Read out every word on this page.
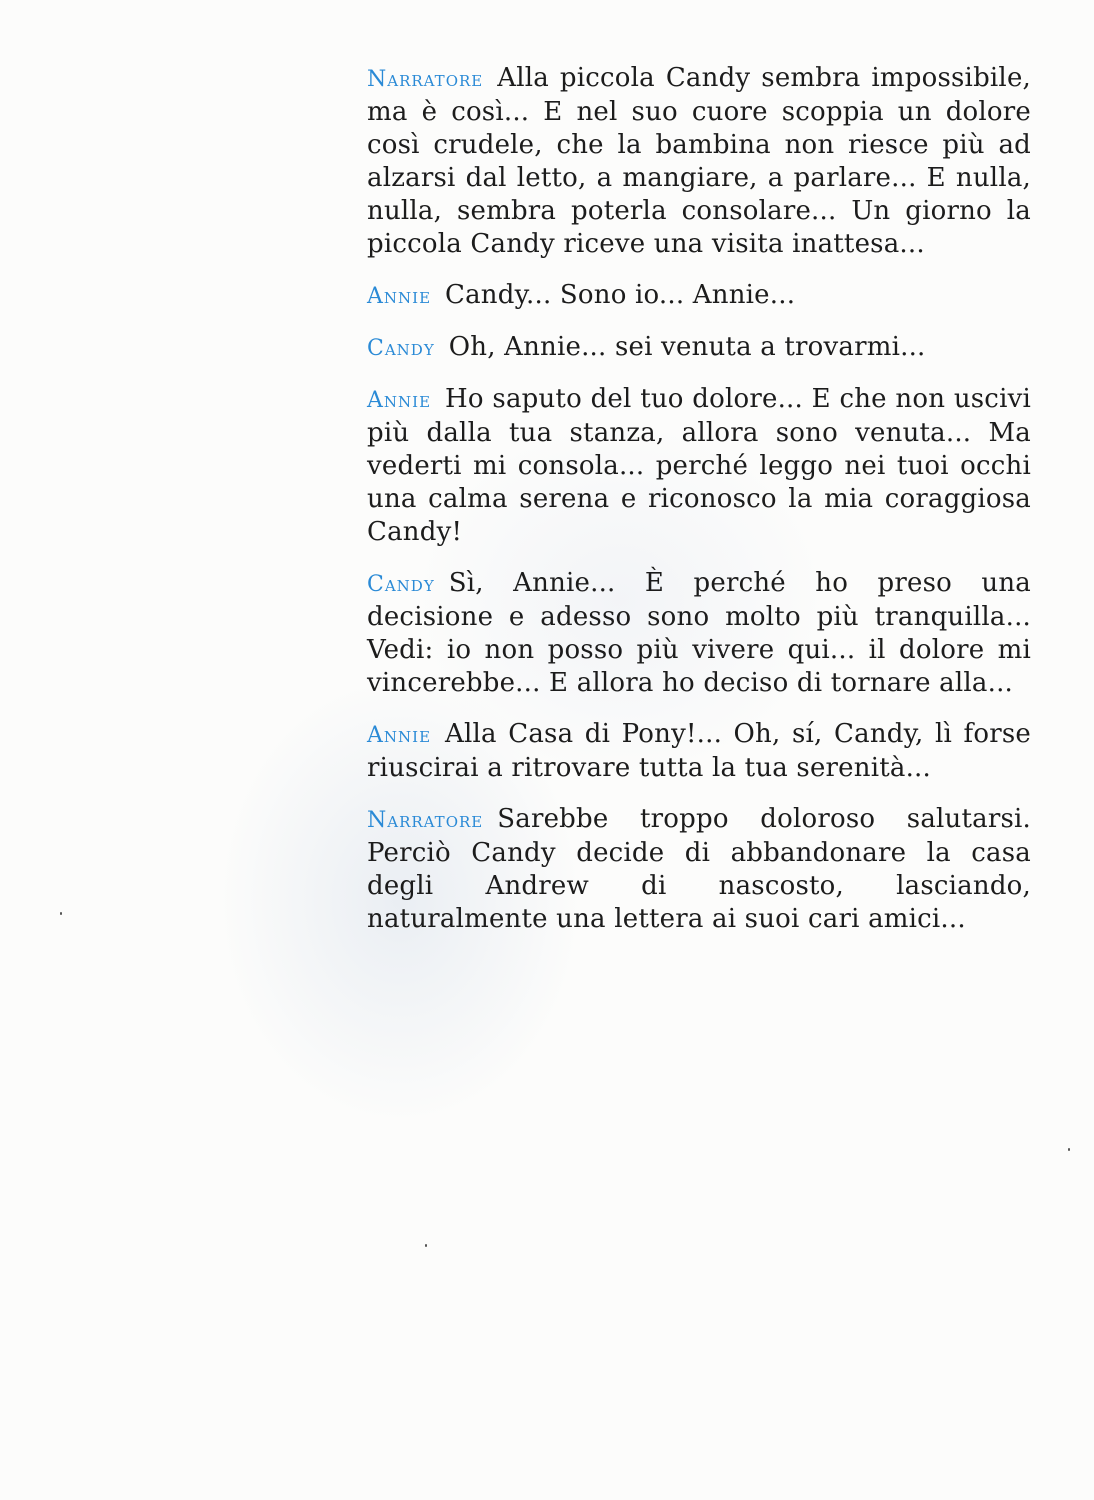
Narratore Alla piccola Candy sembra impossibile, ma è così... E nel suo cuore scoppia un dolore così crudele, che la bambina non riesce più ad alzarsi dal letto, a mangiare, a parlare... E nulla, nulla, sembra poterla consolare... Un giorno la piccola Candy riceve una visita inattesa...

Annie Candy... Sono io... Annie...

Candy Oh, Annie... sei venuta a trovarmi...

Annie Ho saputo del tuo dolore... E che non uscivi più dalla tua stanza, allora sono venuta... Ma vederti mi consola... perché leggo nei tuoi occhi una calma serena e riconosco la mia coraggiosa Candy!

Candy Sì, Annie... È perché ho preso una decisione e adesso sono molto più tranquilla... Vedi: io non posso più vivere qui... il dolore mi vincerebbe... E allora ho deciso di tornare alla...

Annie Alla Casa di Pony!... Oh, sí, Candy, lì forse riuscirai a ritrovare tutta la tua serenità...

Narratore Sarebbe troppo doloroso salutarsi. Perciò Candy decide di abbandonare la casa degli Andrew di nascosto, lasciando, naturalmente una lettera ai suoi cari amici...
